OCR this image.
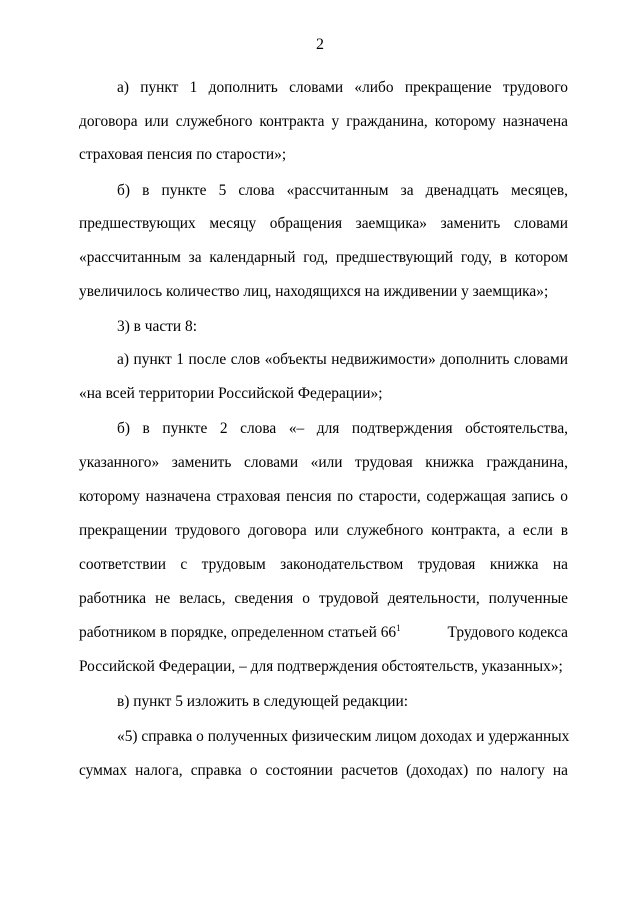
2
а) пункт 1 дополнить словами «либо прекращение трудового
договора или служебного контракта у гражданина, которому назначена
страховая пенсия по старости»;
б) в пункте 5 слова «рассчитанным за двенадцать месяцев,
предшествующих месяцу обращения заемщика» заменить словами
«рассчитанным за календарный год, предшествующий году, в котором
увеличилось количество лиц, находящихся на иждивении у заемщика»;
3) в части 8:
а) пункт 1 после слов «объекты недвижимости» дополнить словами
«на всей территории Российской Федерации»;
б) в пункте 2 слова «– для подтверждения обстоятельства,
указанного» заменить словами «или трудовая книжка гражданина,
которому назначена страховая пенсия по старости, содержащая запись о
прекращении трудового договора или служебного контракта, а если в
соответствии с трудовым законодательством трудовая книжка на
работника не велась, сведения о трудовой деятельности, полученные
работником в порядке, определенном статьей $66^1$	Трудового кодекса
Российской Федерации, – для подтверждения обстоятельств, указанных»;
в) пункт 5 изложить в следующей редакции:
«5) справка о полученных физическим лицом доходах и удержанных
суммах налога, справка о состоянии расчетов (доходах) по налогу на
